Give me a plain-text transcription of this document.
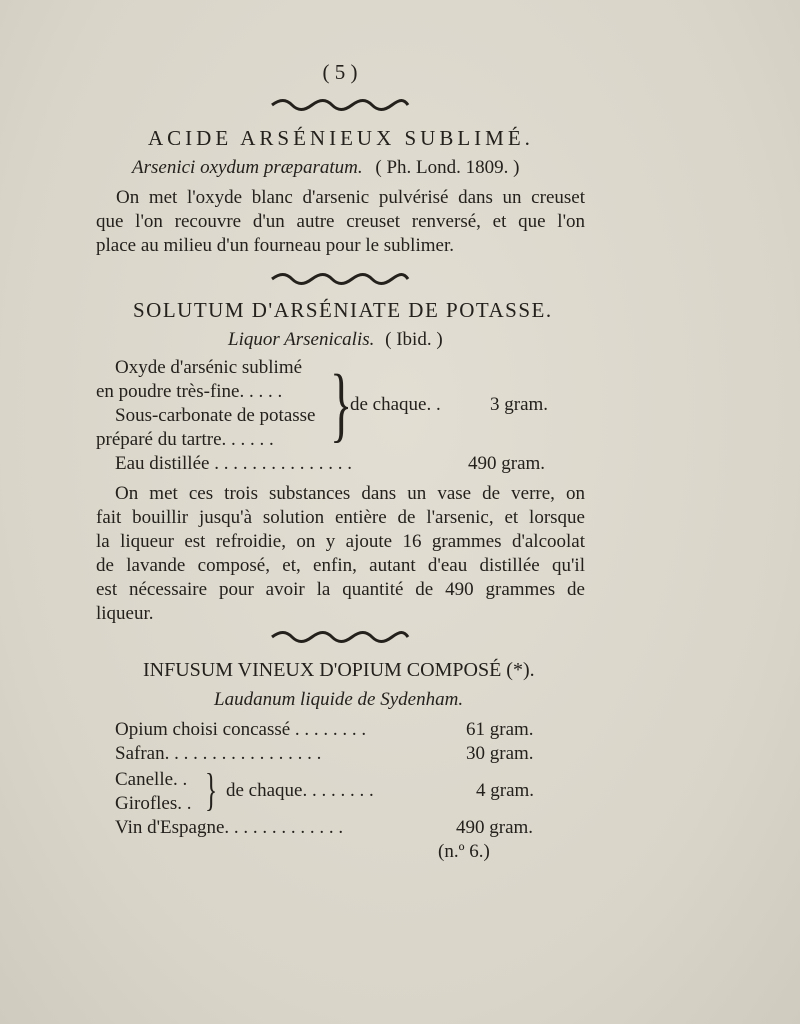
( 5 )
ACIDE ARSÉNIEUX SUBLIMÉ.
Arsenici oxydum præparatum. ( Ph. Lond. 1809. )
On met l'oxyde blanc d'arsenic pulvérisé dans un creuset
que l'on recouvre d'un autre creuset renversé, et que l'on
place au milieu d'un fourneau pour le sublimer.
SOLUTUM D'ARSÉNIATE DE POTASSE.
Liquor Arsenicalis. ( Ibid. )
Oxyde d'arsénic sublimé
en poudre très-fine. . . . .
Sous-carbonate de potasse
préparé du tartre. . . . . . }
de chaque. .	3 gram.
Eau distillée . . . . . . . . . . . . . . .	490 gram.
On met ces trois substances dans un vase de verre, on
fait bouillir jusqu'à solution entière de l'arsenic, et lorsque
la liqueur est refroidie, on y ajoute 16 grammes d'alcoolat
de lavande composé, et, enfin, autant d'eau distillée qu'il
est nécessaire pour avoir la quantité de 490 grammes de
liqueur.
INFUSUM VINEUX D'OPIUM COMPOSÉ (*).
Laudanum liquide de Sydenham.
Opium choisi concassé . . . . . . . .	61 gram.
Safran. . . . . . . . . . . . . . . . .	30 gram.
Canelle. .
Girofles. . } de chaque. . . . . . . .	4 gram.
Vin d'Espagne. . . . . . . . . . . . .	490 gram.
(n.º 6.)
